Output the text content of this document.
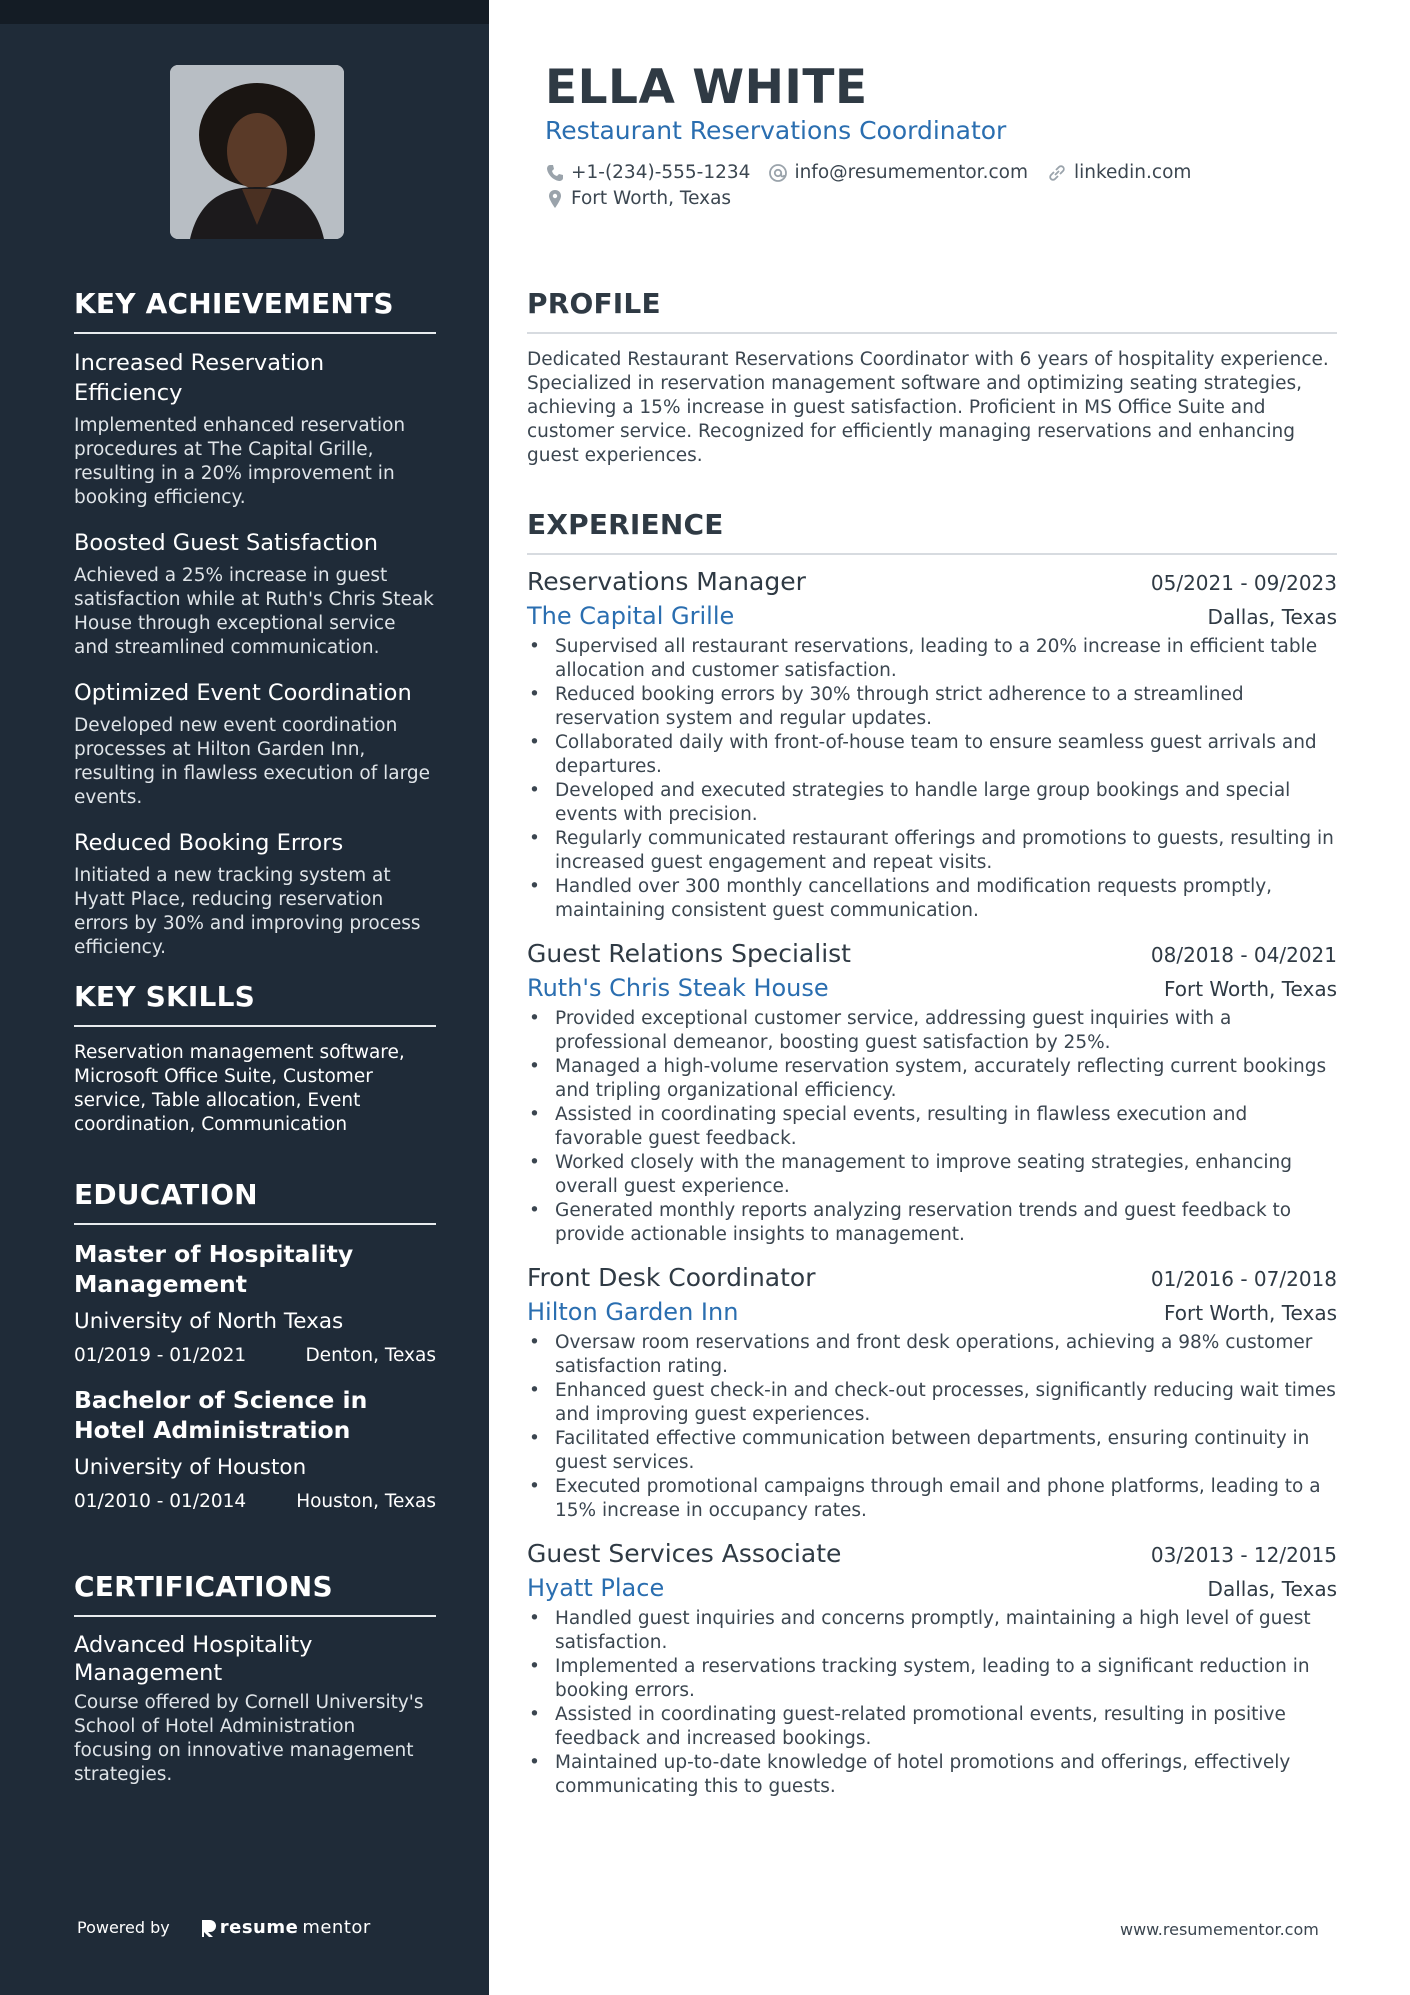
KEY ACHIEVEMENTS
Increased Reservation Efficiency

Implemented enhanced reservation procedures at The Capital Grille, resulting in a 20% improvement in booking efficiency.

Boosted Guest Satisfaction

Achieved a 25% increase in guest satisfaction while at Ruth's Chris Steak House through exceptional service and streamlined communication.

Optimized Event Coordination

Developed new event coordination processes at Hilton Garden Inn, resulting in flawless execution of large events.

Reduced Booking Errors

Initiated a new tracking system at Hyatt Place, reducing reservation errors by 30% and improving process efficiency.

KEY SKILLS

Reservation management software, Microsoft Office Suite, Customer service, Table allocation, Event coordination, Communication

EDUCATION
Master of Hospitality Management
University of North Texas
01/2019 - 01/2021	Denton, Texas
Bachelor of Science in Hotel Administration
University of Houston
01/2010 - 01/2014	Houston, Texas
CERTIFICATIONS
Advanced Hospitality Management

Course offered by Cornell University's School of Hotel Administration focusing on innovative management strategies.

Powered by	resume mentor
ELLA WHITE
Restaurant Reservations Coordinator
+1-(234)-555-1234 info@resumementor.com linkedin.com
Fort Worth, Texas
PROFILE

Dedicated Restaurant Reservations Coordinator with 6 years of hospitality experience. Specialized in reservation management software and optimizing seating strategies, achieving a 15% increase in guest satisfaction. Proficient in MS Office Suite and customer service. Recognized for efficiently managing reservations and enhancing guest experiences.

EXPERIENCE
Reservations Manager	05/2021 - 09/2023
The Capital Grille	Dallas, Texas
• Supervised all restaurant reservations, leading to a 20% increase in efficient table allocation and customer satisfaction.
• Reduced booking errors by 30% through strict adherence to a streamlined reservation system and regular updates.
• Collaborated daily with front-of-house team to ensure seamless guest arrivals and departures.
• Developed and executed strategies to handle large group bookings and special events with precision.
• Regularly communicated restaurant offerings and promotions to guests, resulting in increased guest engagement and repeat visits.
• Handled over 300 monthly cancellations and modification requests promptly, maintaining consistent guest communication.
Guest Relations Specialist	08/2018 - 04/2021
Ruth's Chris Steak House	Fort Worth, Texas
• Provided exceptional customer service, addressing guest inquiries with a professional demeanor, boosting guest satisfaction by 25%.
• Managed a high-volume reservation system, accurately reflecting current bookings and tripling organizational efficiency.
• Assisted in coordinating special events, resulting in flawless execution and favorable guest feedback.
• Worked closely with the management to improve seating strategies, enhancing overall guest experience.
• Generated monthly reports analyzing reservation trends and guest feedback to provide actionable insights to management.
Front Desk Coordinator	01/2016 - 07/2018
Hilton Garden Inn	Fort Worth, Texas
• Oversaw room reservations and front desk operations, achieving a 98% customer satisfaction rating.
• Enhanced guest check-in and check-out processes, significantly reducing wait times and improving guest experiences.
• Facilitated effective communication between departments, ensuring continuity in guest services.
• Executed promotional campaigns through email and phone platforms, leading to a 15% increase in occupancy rates.
Guest Services Associate	03/2013 - 12/2015
Hyatt Place	Dallas, Texas
• Handled guest inquiries and concerns promptly, maintaining a high level of guest satisfaction.
• Implemented a reservations tracking system, leading to a significant reduction in booking errors.
• Assisted in coordinating guest-related promotional events, resulting in positive feedback and increased bookings.
• Maintained up-to-date knowledge of hotel promotions and offerings, effectively communicating this to guests.
www.resumementor.com
